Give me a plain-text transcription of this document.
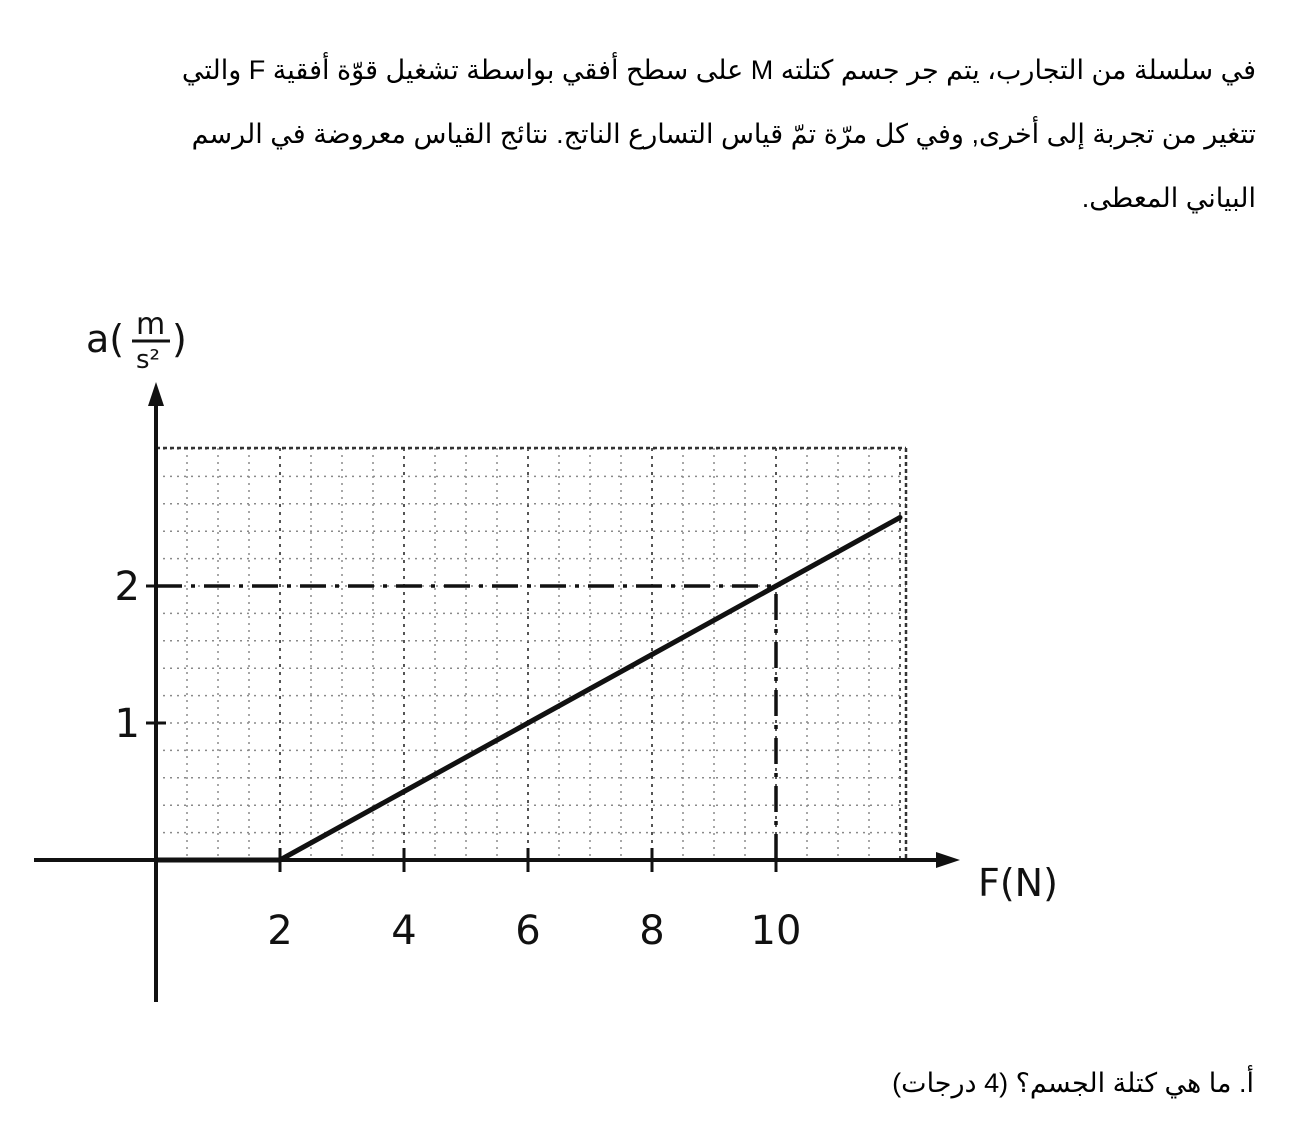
في سلسلة من التجارب، يتم جر جسم كتلته M على سطح أفقي بواسطة تشغيل قوّة أفقية F والتي
تتغير من تجربة إلى أخرى, وفي كل مرّة تمّ قياس التسارع الناتج. نتائج القياس معروضة في الرسم
البياني المعطى.
a( m
s² )
F(N)
2 4 6 8 10
1
2
أ. ما هي كتلة الجسم؟ (4 درجات)
